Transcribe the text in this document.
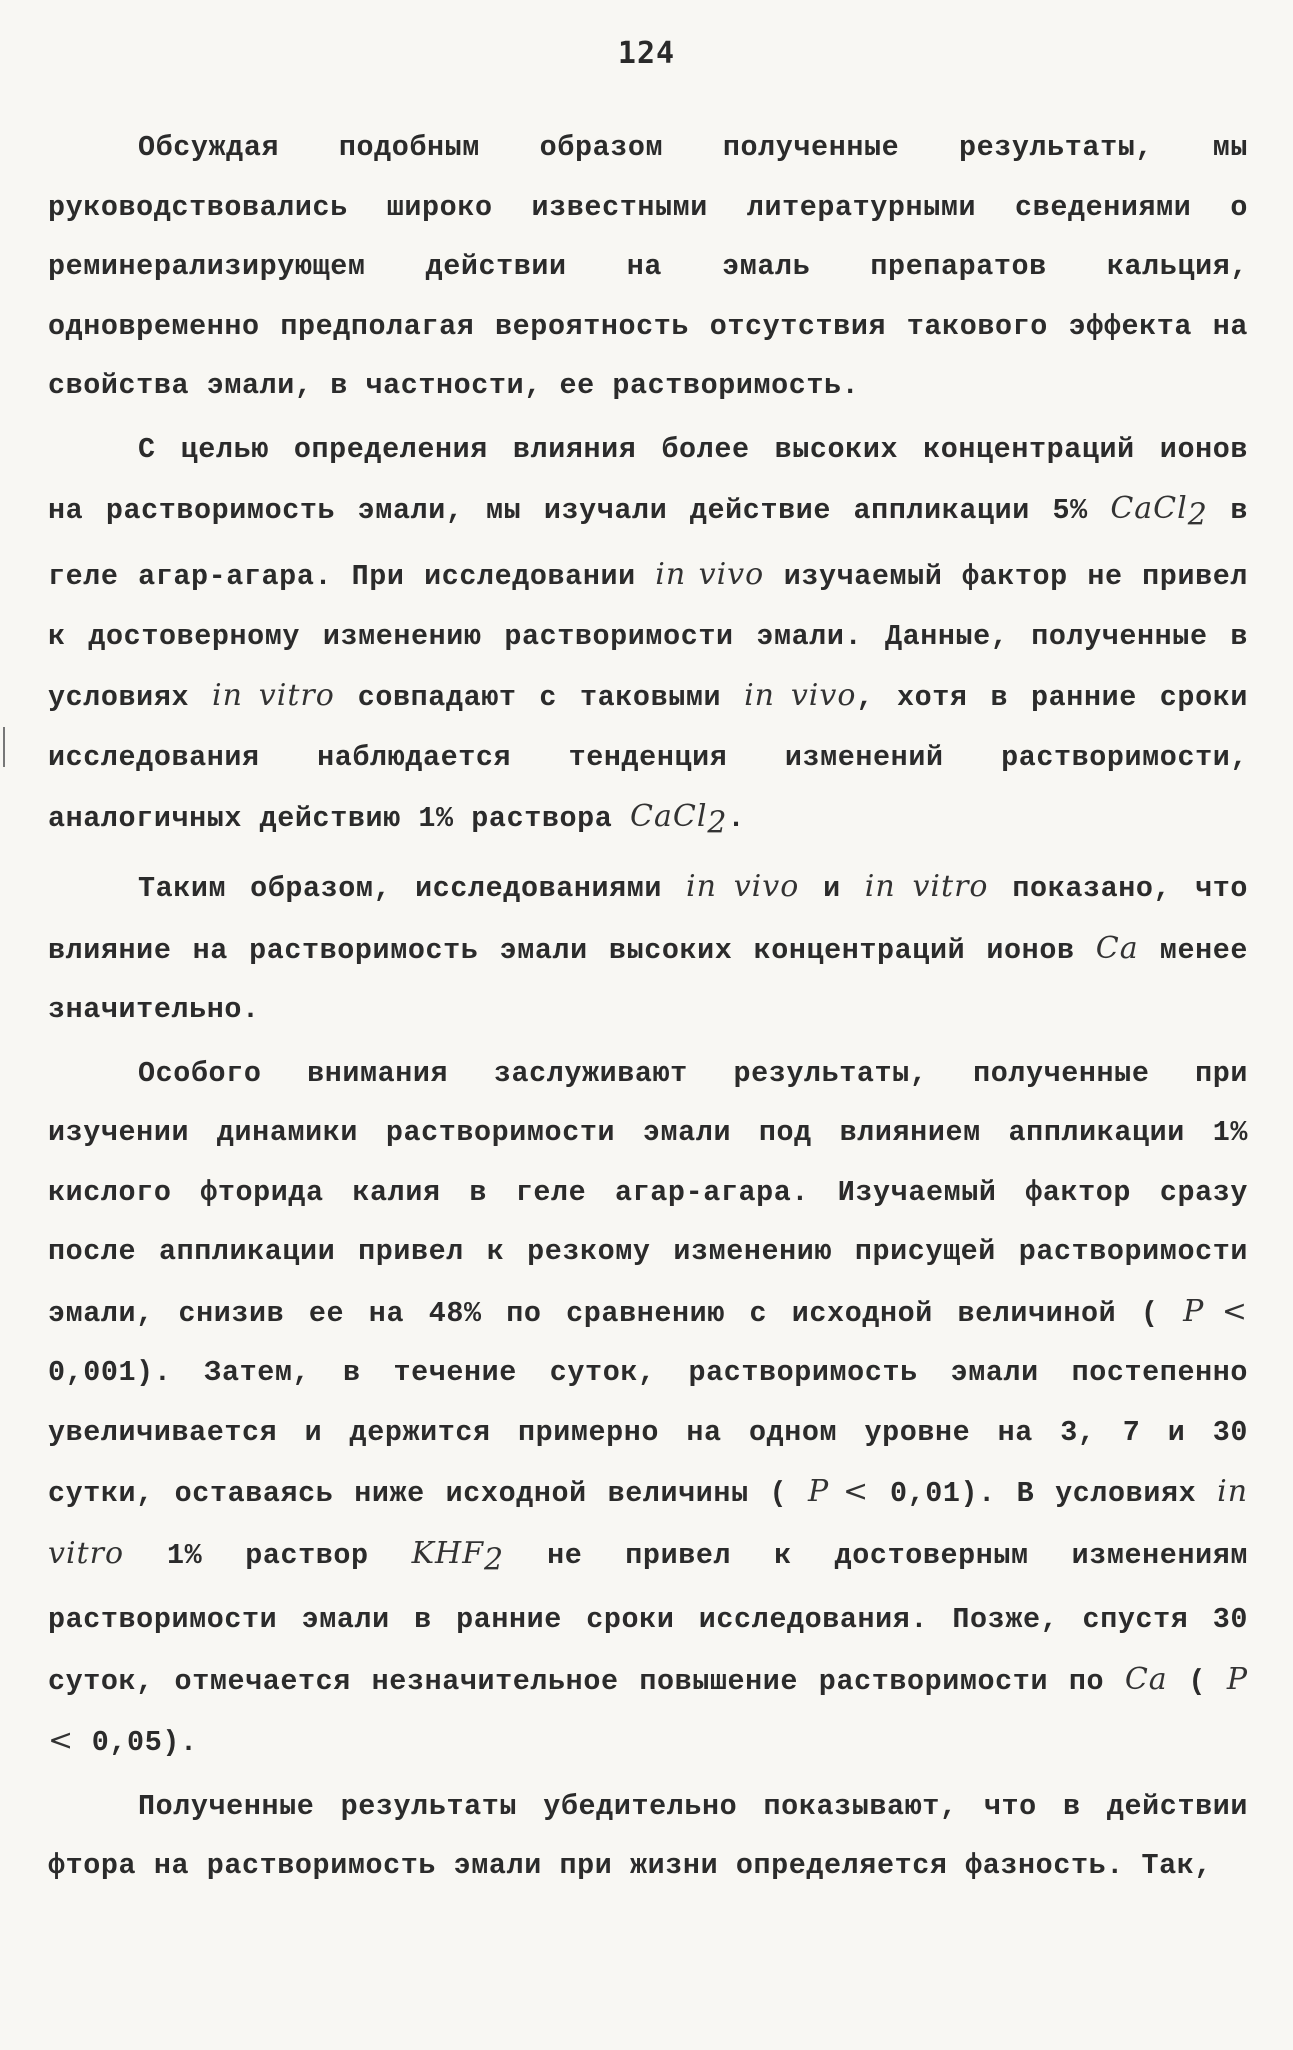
124

Обсуждая подобным образом полученные результаты, мы руководствовались широко известными литературными сведениями о реминерализирующем действии на эмаль препаратов кальция, одновременно предполагая вероятность отсутствия такового эффекта на свойства эмали, в частности, ее растворимость.

С целью определения влияния более высоких концентраций ионов на растворимость эмали, мы изучали действие аппликации 5% CaCl$_2$ в геле агар-агара. При исследовании in vivo изучаемый фактор не привел к достоверному изменению растворимости эмали. Данные, полученные в условиях in vitro совпадают с таковыми in vivo, хотя в ранние сроки исследования наблюдается тенденция изменений растворимости, аналогичных действию 1% раствора CaCl$_2$.

Таким образом, исследованиями in vivo и in vitro показано, что влияние на растворимость эмали высоких концентраций ионов Ca менее значительно.

Особого внимания заслуживают результаты, полученные при изучении динамики растворимости эмали под влиянием аппликации 1% кислого фторида калия в геле агар-агара. Изучаемый фактор сразу после аппликации привел к резкому изменению присущей растворимости эмали, снизив ее на 48% по сравнению с исходной величиной ( P < 0,001). Затем, в течение суток, растворимость эмали постепенно увеличивается и держится примерно на одном уровне на 3, 7 и 30 сутки, оставаясь ниже исходной величины ( P < 0,01). В условиях in vitro 1% раствор $KHF_2$ не привел к достоверным изменениям растворимости эмали в ранние сроки исследования. Позже, спустя 30 суток, отмечается незначительное повышение растворимости по Ca ( P < 0,05).

Полученные результаты убедительно показывают, что в действии фтора на растворимость эмали при жизни определяется фазность. Так,
